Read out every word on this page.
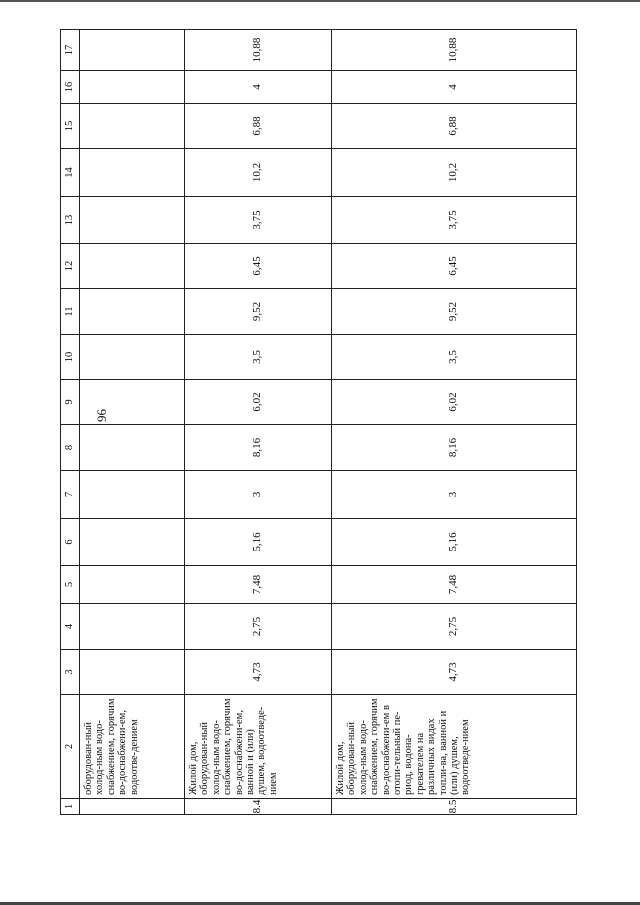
96
1	2	3	4	5	6	7	8	9	10	11	12	13	14	15	16	17
	оборудован-ный холод-ным водо-снабжением, горячим во-доснабжени-ем, водоотве-дением															
8.4	Жилой дом, оборудован-ный холод-ным водо-снабжением, горячим во-доснабжени-ем, ванной и (или) душем, водоотведе-нием	4,73	2,75	7,48	5,16	3	8,16	6,02	3,5	9,52	6,45	3,75	10,2	6,88	4	10,88
8.5	Жилой дом, оборудован-ный холод-ным водо-снабжением, горячим во-доснабжени-ем в отопи-тельный пе-риод, водона-гревателем на различных видах топли-ва, ванной и (или) душем, водоотведе-нием	4,73	2,75	7,48	5,16	3	8,16	6,02	3,5	9,52	6,45	3,75	10,2	6,88	4	10,88
